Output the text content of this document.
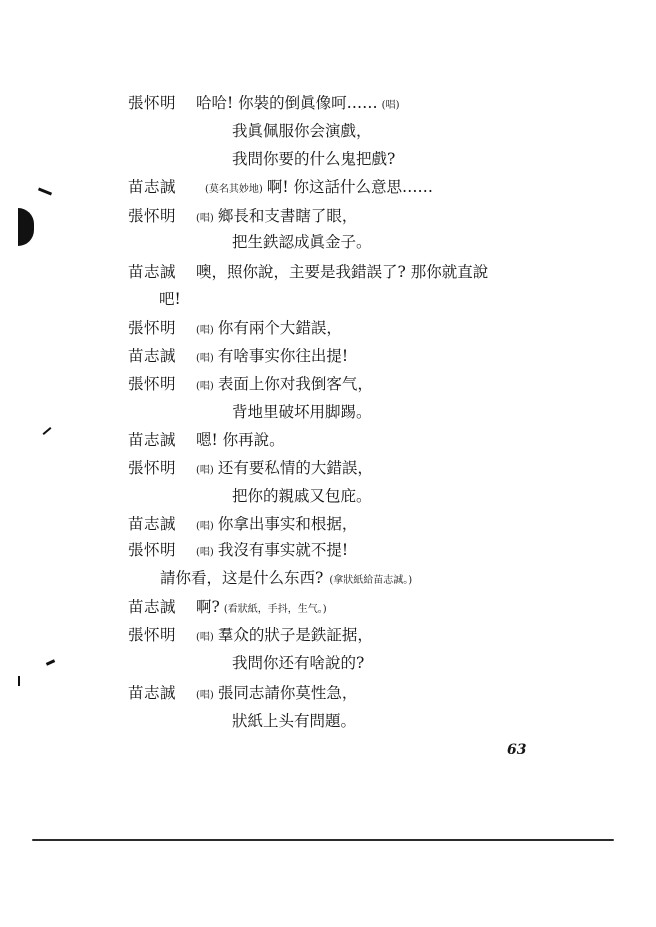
張怀明	哈哈! 你裝的倒眞像呵…… (唱)
我眞佩服你会演戲，
我問你要的什么鬼把戲?
苗志誠	(莫名其妙地) 啊! 你这話什么意思……
張怀明	(唱) 鄉長和支書瞎了眼，
把生鉄認成眞金子。
苗志誠	噢，照你說，主要是我錯誤了? 那你就直說
吧!
張怀明	(唱) 你有兩个大錯誤，
苗志誠	(唱) 有啥事实你往出提!
張怀明	(唱) 表面上你对我倒客气，
背地里破坏用脚踢。
苗志誠	嗯! 你再說。
張怀明	(唱) 还有要私情的大錯誤，
把你的親戚又包庇。
苗志誠	(唱) 你拿出事实和根据，
張怀明	(唱) 我沒有事实就不提!
請你看，这是什么东西? (拿狀紙給苗志誠。)
苗志誠	啊? (看狀紙，手抖，生气。)
張怀明	(唱) 羣众的狀子是鉄証据，
我問你还有啥說的?
苗志誠	(唱) 張同志請你莫性急，
狀紙上头有問題。
63
